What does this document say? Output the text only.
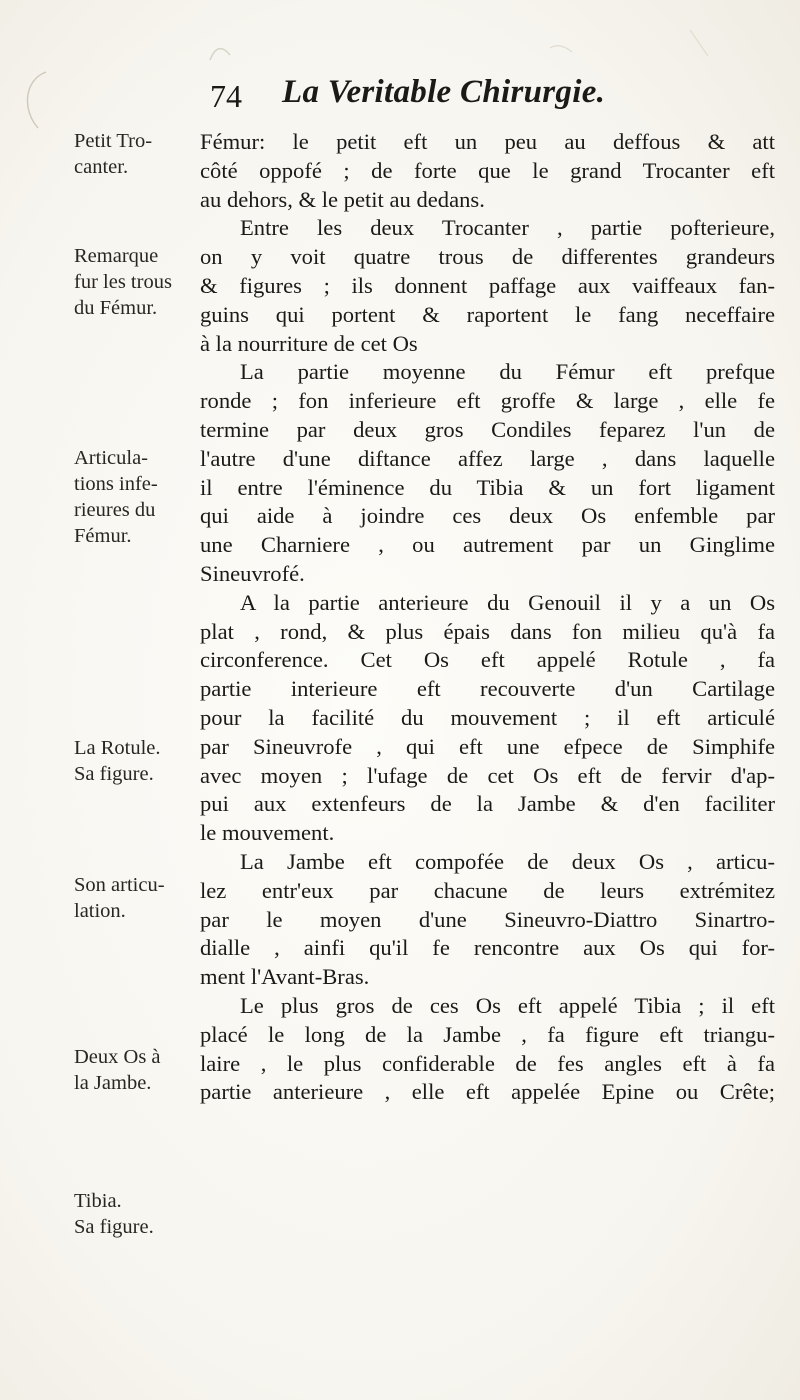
74 La Veritable Chirurgie.
Petit Tro-
canter.
Remarque
fur les trous
du Fémur.
Articula-
tions infe-
rieures du
Fémur.
La Rotule.
Sa figure.
Son articu-
lation.
Deux Os à
la Jambe.
Tibia.
Sa figure.
Fémur: le petit eft un peu au deffous & att
côté oppofé ; de forte que le grand Trocanter eft
au dehors, & le petit au dedans.
Entre les deux Trocanter , partie pofterieure,
on y voit quatre trous de differentes grandeurs
& figures ; ils donnent paffage aux vaiffeaux fan-
guins qui portent & raportent le fang neceffaire
à la nourriture de cet Os
La partie moyenne du Fémur eft prefque
ronde ; fon inferieure eft groffe & large , elle fe
termine par deux gros Condiles feparez l'un de
l'autre d'une diftance affez large , dans laquelle
il entre l'éminence du Tibia & un fort ligament
qui aide à joindre ces deux Os enfemble par
une Charniere , ou autrement par un Ginglime
Sineuvrofé.
A la partie anterieure du Genouil il y a un Os
plat , rond, & plus épais dans fon milieu qu'à fa
circonference. Cet Os eft appelé Rotule , fa
partie interieure eft recouverte d'un Cartilage
pour la facilité du mouvement ; il eft articulé
par Sineuvrofe , qui eft une efpece de Simphife
avec moyen ; l'ufage de cet Os eft de fervir d'ap-
pui aux extenfeurs de la Jambe & d'en faciliter
le mouvement.
La Jambe eft compofée de deux Os , articu-
lez entr'eux par chacune de leurs extrémitez
par le moyen d'une Sineuvro-Diattro Sinartro-
dialle , ainfi qu'il fe rencontre aux Os qui for-
ment l'Avant-Bras.
Le plus gros de ces Os eft appelé Tibia ; il eft
placé le long de la Jambe , fa figure eft triangu-
laire , le plus confiderable de fes angles eft à fa
partie anterieure , elle eft appelée Epine ou Crête;
